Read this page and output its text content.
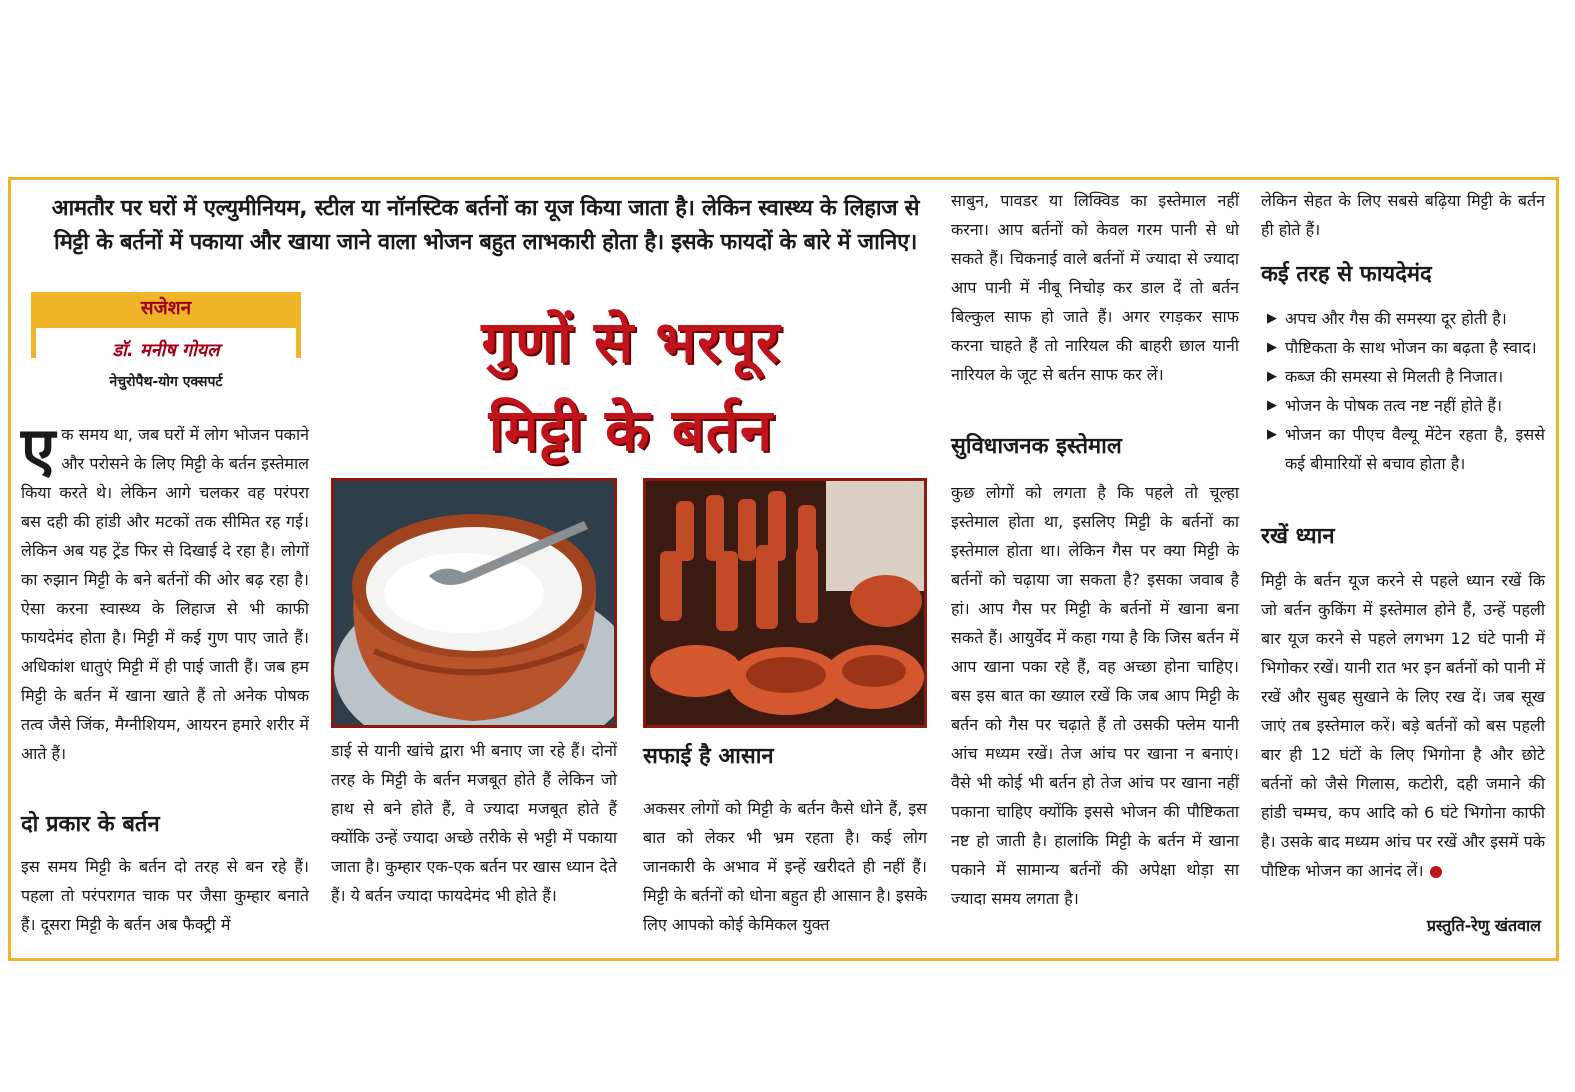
आमतौर पर घरों में एल्युमीनियम, स्टील या नॉनस्टिक बर्तनों का यूज किया जाता है। लेकिन स्वास्थ्य के लिहाज से मिट्टी के बर्तनों में पकाया और खाया जाने वाला भोजन बहुत लाभकारी होता है। इसके फायदों के बारे में जानिए।
सजेशन
डॉ. मनीष गोयल
नेचुरोपैथ-योग एक्सपर्ट
गुणों से भरपूर
मिट्टी के बर्तन
ए क समय था, जब घरों में लोग भोजन पकाने और परोसने के लिए मिट्टी के बर्तन इस्तेमाल किया करते थे। लेकिन आगे चलकर वह परंपरा बस दही की हांडी और मटकों तक सीमित रह गई। लेकिन अब यह ट्रेंड फिर से दिखाई दे रहा है। लोगों का रुझान मिट्टी के बने बर्तनों की ओर बढ़ रहा है। ऐसा करना स्वास्थ्य के लिहाज से भी काफी फायदेमंद होता है। मिट्टी में कई गुण पाए जाते हैं। अधिकांश धातुएं मिट्टी में ही पाई जाती हैं। जब हम मिट्टी के बर्तन में खाना खाते हैं तो अनेक पोषक तत्व जैसे जिंक, मैग्नीशियम, आयरन हमारे शरीर में आते हैं।
दो प्रकार के बर्तन
इस समय मिट्टी के बर्तन दो तरह से बन रहे हैं। पहला तो परंपरागत चाक पर जैसा कुम्हार बनाते हैं। दूसरा मिट्टी के बर्तन अब फैक्ट्री में
डाई से यानी खांचे द्वारा भी बनाए जा रहे हैं। दोनों तरह के मिट्टी के बर्तन मजबूत होते हैं लेकिन जो हाथ से बने होते हैं, वे ज्यादा मजबूत होते हैं क्योंकि उन्हें ज्यादा अच्छे तरीके से भट्टी में पकाया जाता है। कुम्हार एक-एक बर्तन पर खास ध्यान देते हैं। ये बर्तन ज्यादा फायदेमंद भी होते हैं।
सफाई है आसान
अकसर लोगों को मिट्टी के बर्तन कैसे धोने हैं, इस बात को लेकर भी भ्रम रहता है। कई लोग जानकारी के अभाव में इन्हें खरीदते ही नहीं हैं। मिट्टी के बर्तनों को धोना बहुत ही आसान है। इसके लिए आपको कोई केमिकल युक्त
साबुन, पावडर या लिक्विड का इस्तेमाल नहीं करना। आप बर्तनों को केवल गरम पानी से धो सकते हैं। चिकनाई वाले बर्तनों में ज्यादा से ज्यादा आप पानी में नीबू निचोड़ कर डाल दें तो बर्तन बिल्कुल साफ हो जाते हैं। अगर रगड़कर साफ करना चाहते हैं तो नारियल की बाहरी छाल यानी नारियल के जूट से बर्तन साफ कर लें।
सुविधाजनक इस्तेमाल
कुछ लोगों को लगता है कि पहले तो चूल्हा इस्तेमाल होता था, इसलिए मिट्टी के बर्तनों का इस्तेमाल होता था। लेकिन गैस पर क्या मिट्टी के बर्तनों को चढ़ाया जा सकता है? इसका जवाब है हां। आप गैस पर मिट्टी के बर्तनों में खाना बना सकते हैं। आयुर्वेद में कहा गया है कि जिस बर्तन में आप खाना पका रहे हैं, वह अच्छा होना चाहिए। बस इस बात का ख्याल रखें कि जब आप मिट्टी के बर्तन को गैस पर चढ़ाते हैं तो उसकी फ्लेम यानी आंच मध्यम रखें। तेज आंच पर खाना न बनाएं। वैसे भी कोई भी बर्तन हो तेज आंच पर खाना नहीं पकाना चाहिए क्योंकि इससे भोजन की पौष्टिकता नष्ट हो जाती है। हालांकि मिट्टी के बर्तन में खाना पकाने में सामान्य बर्तनों की अपेक्षा थोड़ा सा ज्यादा समय लगता है।
लेकिन सेहत के लिए सबसे बढ़िया मिट्टी के बर्तन ही होते हैं।
कई तरह से फायदेमंद
▶ अपच और गैस की समस्या दूर होती है।
▶ पौष्टिकता के साथ भोजन का बढ़ता है स्वाद।
▶ कब्ज की समस्या से मिलती है निजात।
▶ भोजन के पोषक तत्व नष्ट नहीं होते हैं।
▶ भोजन का पीएच वैल्यू मेंटेन रहता है, इससे कई बीमारियों से बचाव होता है।
रखें ध्यान
मिट्टी के बर्तन यूज करने से पहले ध्यान रखें कि जो बर्तन कुकिंग में इस्तेमाल होने हैं, उन्हें पहली बार यूज करने से पहले लगभग 12 घंटे पानी में भिगोकर रखें। यानी रात भर इन बर्तनों को पानी में रखें और सुबह सुखाने के लिए रख दें। जब सूख जाएं तब इस्तेमाल करें। बड़े बर्तनों को बस पहली बार ही 12 घंटों के लिए भिगोना है और छोटे बर्तनों को जैसे गिलास, कटोरी, दही जमाने की हांडी चम्मच, कप आदि को 6 घंटे भिगोना काफी है। उसके बाद मध्यम आंच पर रखें और इसमें पके पौष्टिक भोजन का आनंद लें।
प्रस्तुति-रेणु खंतवाल
